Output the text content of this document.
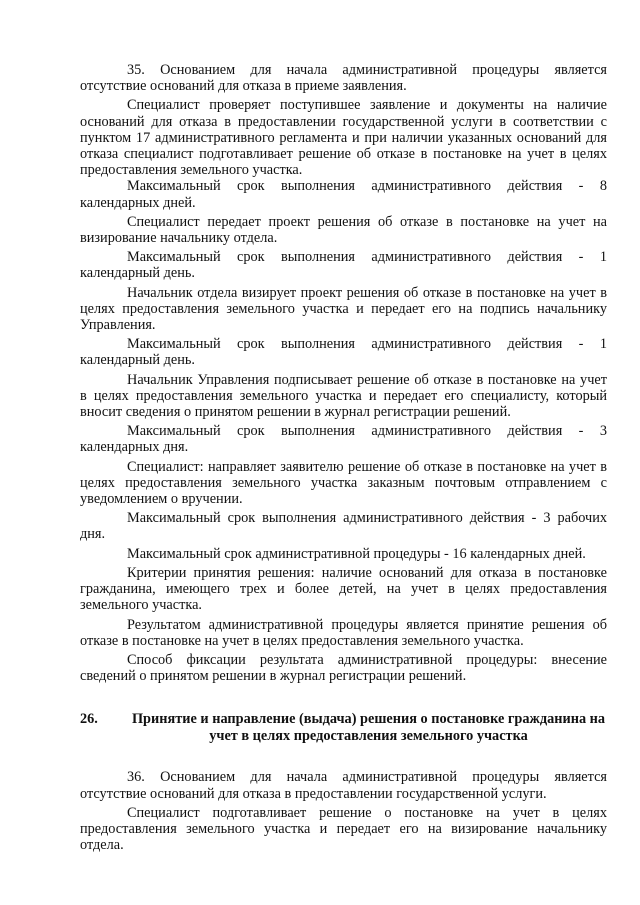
35. Основанием для начала административной процедуры является отсутствие оснований для отказа в приеме заявления.

Специалист проверяет поступившее заявление и документы на наличие оснований для отказа в предоставлении государственной услуги в соответствии с пунктом 17 административного регламента и при наличии указанных оснований для отказа специалист подготавливает решение об отказе в постановке на учет в целях предоставления земельного участка.

Максимальный срок выполнения административного действия - 8 календарных дней.

Специалист передает проект решения об отказе в постановке на учет на визирование начальнику отдела.

Максимальный срок выполнения административного действия - 1 календарный день.

Начальник отдела визирует проект решения об отказе в постановке на учет в целях предоставления земельного участка и передает его на подпись начальнику Управления.

Максимальный срок выполнения административного действия - 1 календарный день.

Начальник Управления подписывает решение об отказе в постановке на учет в целях предоставления земельного участка и передает его специалисту, который вносит сведения о принятом решении в журнал регистрации решений.

Максимальный срок выполнения административного действия - 3 календарных дня.

Специалист: направляет заявителю решение об отказе в постановке на учет в целях предоставления земельного участка заказным почтовым отправлением с уведомлением о вручении.

Максимальный срок выполнения административного действия - 3 рабочих дня.

Максимальный срок административной процедуры - 16 календарных дней.

Критерии принятия решения: наличие оснований для отказа в постановке гражданина, имеющего трех и более детей, на учет в целях предоставления земельного участка.

Результатом административной процедуры является принятие решения об отказе в постановке на учет в целях предоставления земельного участка.

Способ фиксации результата административной процедуры: внесение сведений о принятом решении в журнал регистрации решений.

26.	Принятие и направление (выдача) решения о постановке гражданина на учет в целях предоставления земельного участка

36. Основанием для начала административной процедуры является отсутствие оснований для отказа в предоставлении государственной услуги.

Специалист подготавливает решение о постановке на учет в целях предоставления земельного участка и передает его на визирование начальнику отдела.
